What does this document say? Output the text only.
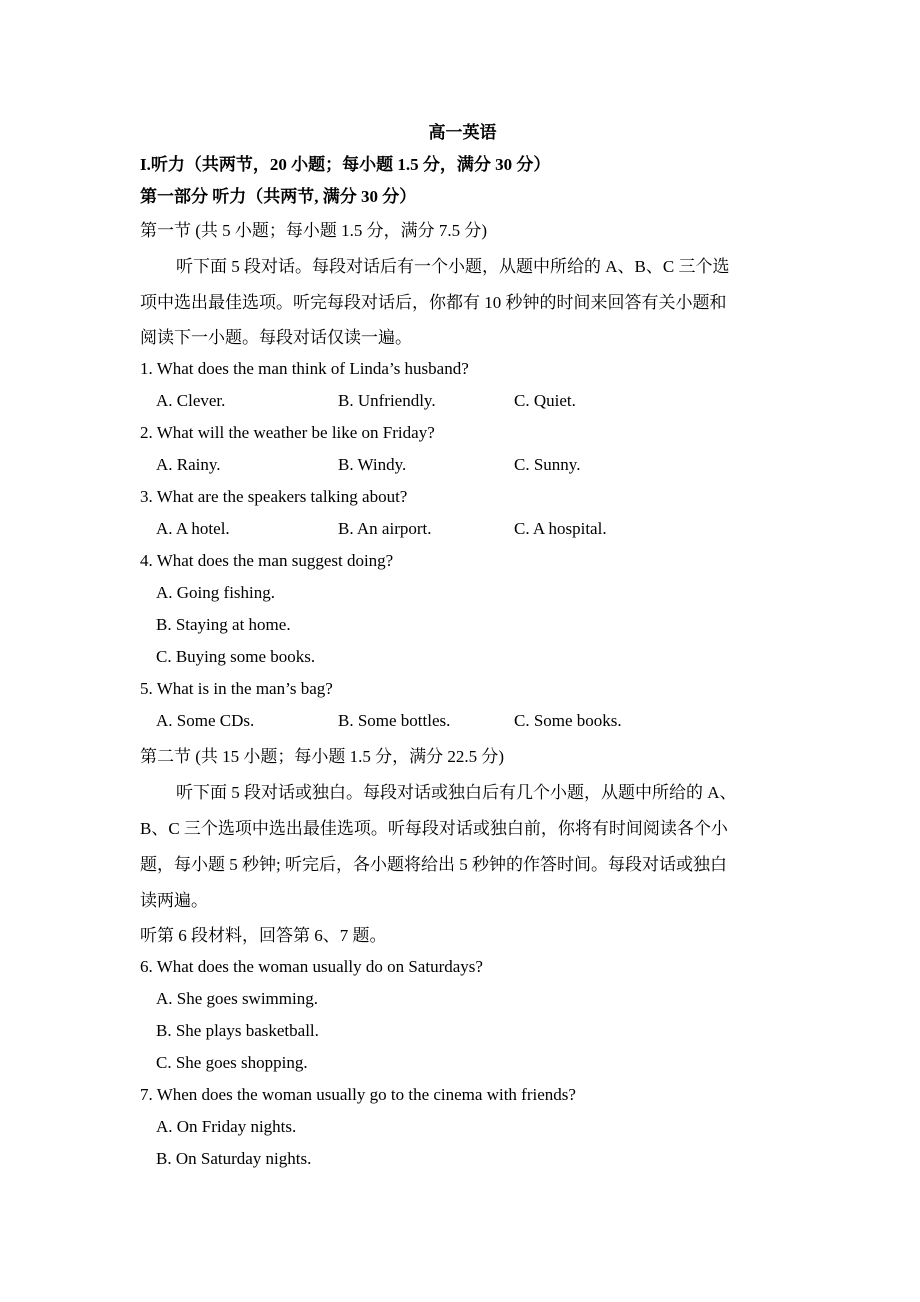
高一英语
I.听力（共两节，20 小题；每小题 1.5 分，满分 30 分）
第一部分 听力（共两节, 满分 30 分）
第一节 (共 5 小题；每小题 1.5 分，满分 7.5 分)
听下面 5 段对话。每段对话后有一个小题，从题中所给的 A、B、C 三个选
项中选出最佳选项。听完每段对话后，你都有 10 秒钟的时间来回答有关小题和
阅读下一小题。每段对话仅读一遍。
1. What does the man think of Linda’s husband?
A. Clever.	B. Unfriendly.	C. Quiet.
2. What will the weather be like on Friday?
A. Rainy.	B. Windy.	C. Sunny.
3. What are the speakers talking about?
A. A hotel.	B. An airport.	C. A hospital.
4. What does the man suggest doing?
A. Going fishing.
B. Staying at home.
C. Buying some books.
5. What is in the man’s bag?
A. Some CDs.	B. Some bottles.	C. Some books.
第二节 (共 15 小题；每小题 1.5 分，满分 22.5 分)
听下面 5 段对话或独白。每段对话或独白后有几个小题，从题中所给的 A、
B、C 三个选项中选出最佳选项。听每段对话或独白前，你将有时间阅读各个小
题，每小题 5 秒钟; 听完后，各小题将给出 5 秒钟的作答时间。每段对话或独白
读两遍。
听第 6 段材料，回答第 6、7 题。
6. What does the woman usually do on Saturdays?
A. She goes swimming.
B. She plays basketball.
C. She goes shopping.
7. When does the woman usually go to the cinema with friends?
A. On Friday nights.
B. On Saturday nights.
